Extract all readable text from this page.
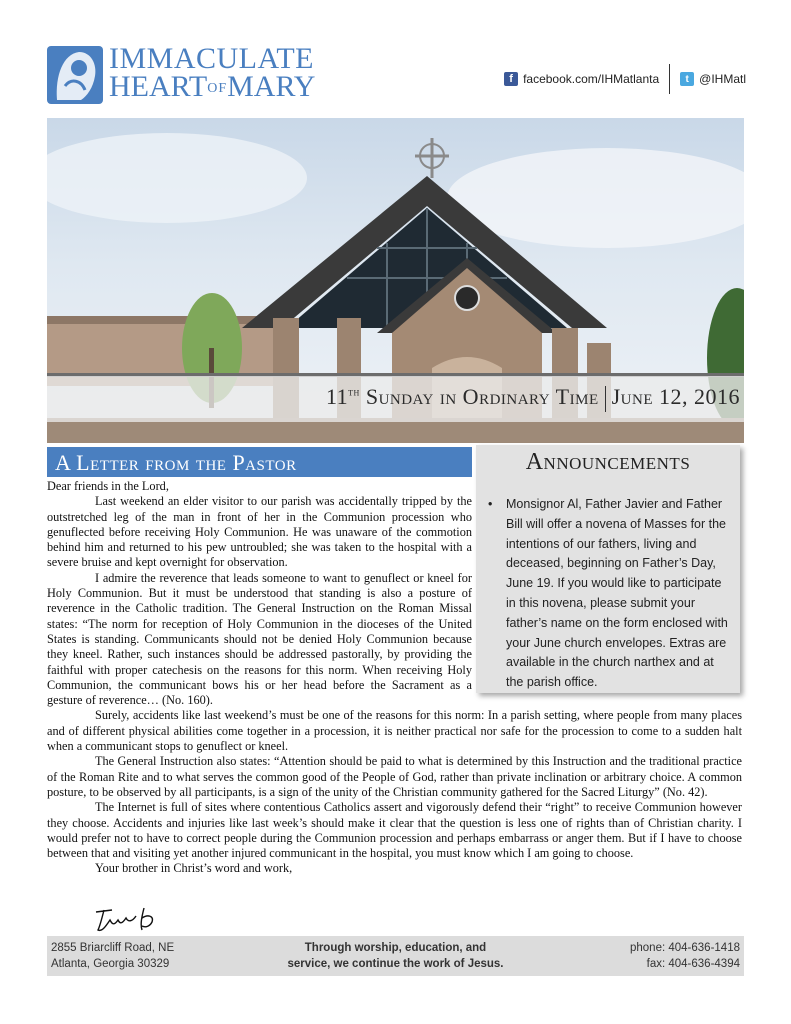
IMMACULATE
HEARTOFMARY	f facebook.com/IHMatlanta	t @IHMatl
11th Sunday in Ordinary Time June 12, 2016
A Letter from the Pastor	Announcements
• Monsignor Al, Father Javier and Father Bill will offer a novena of Masses for the intentions of our fathers, living and deceased, beginning on Father’s Day, June 19. If you would like to participate in this novena, please submit your father’s name on the form enclosed with your June church envelopes. Extras are available in the church narthex and at the parish office.

Dear friends in the Lord,

Last weekend an elder visitor to our parish was accidentally tripped by the outstretched leg of the man in front of her in the Communion procession who genuflected before receiving Holy Communion. He was unaware of the commotion behind him and returned to his pew untroubled; she was taken to the hospital with a severe bruise and kept overnight for observation.

I admire the reverence that leads someone to want to genuflect or kneel for Holy Communion. But it must be understood that standing is also a posture of reverence in the Catholic tradition. The General Instruction on the Roman Missal states: “The norm for reception of Holy Communion in the dioceses of the United States is standing. Communicants should not be denied Holy Communion because they kneel. Rather, such instances should be addressed pastorally, by providing the faithful with proper catechesis on the reasons for this norm. When receiving Holy Communion, the communicant bows his or her head before the Sacrament as a gesture of reverence… (No. 160).

Surely, accidents like last weekend’s must be one of the reasons for this norm: In a parish setting, where people from many places and of different physical abilities come together in a procession, it is neither practical nor safe for the procession to come to a sudden halt when a communicant stops to genuflect or kneel.

The General Instruction also states: “Attention should be paid to what is determined by this Instruction and the traditional practice of the Roman Rite and to what serves the common good of the People of God, rather than private inclination or arbitrary choice. A common posture, to be observed by all participants, is a sign of the unity of the Christian community gathered for the Sacred Liturgy” (No. 42).

The Internet is full of sites where contentious Catholics assert and vigorously defend their “right” to receive Communion however they choose. Accidents and injuries like last week’s should make it clear that the question is less one of rights than of Christian charity. I would prefer not to have to correct people during the Communion procession and perhaps embarrass or anger them. But if I have to choose between that and visiting yet another injured communicant in the hospital, you must know which I am going to choose.

Your brother in Christ’s word and work,

2855 Briarcliff Road, NE
Atlanta, Georgia 30329
Through worship, education, and
service, we continue the work of Jesus.
phone: 404-636-1418
fax: 404-636-4394
